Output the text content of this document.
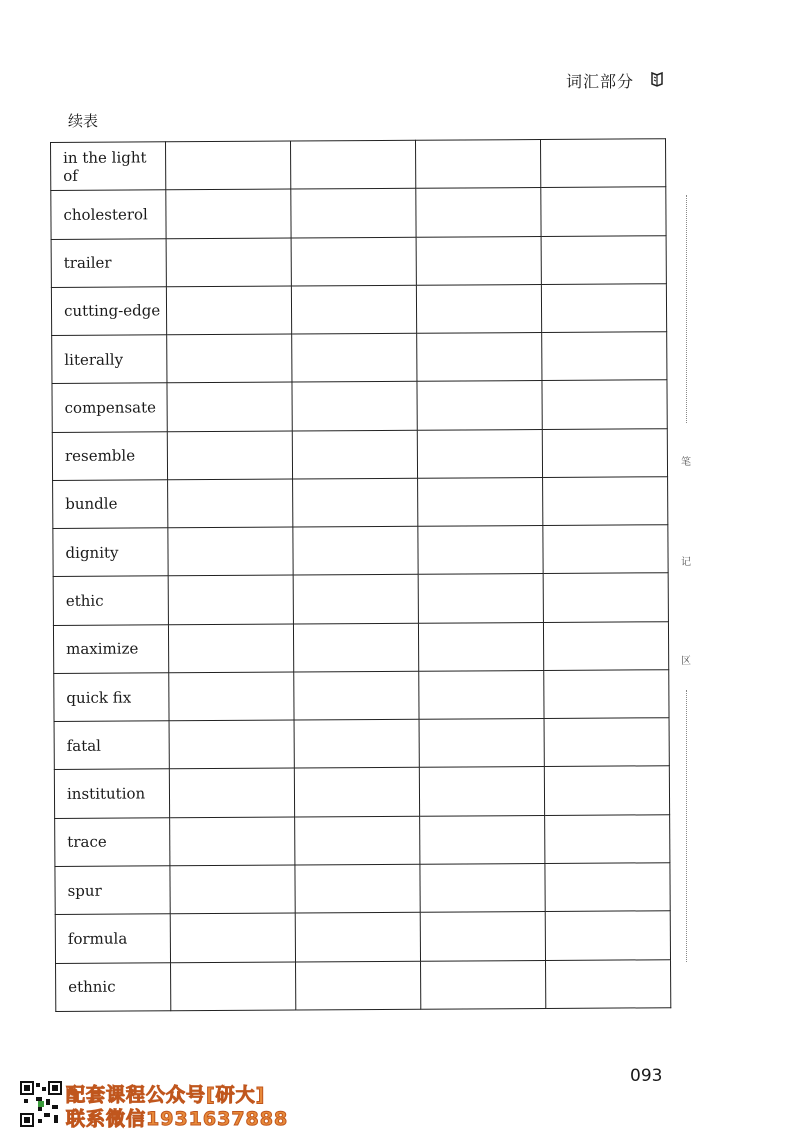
词汇部分
续表
in the light of				
cholesterol				
trailer				
cutting-edge				
literally				
compensate				
resemble				
bundle				
dignity				
ethic				
maximize				
quick fix				
fatal				
institution				
trace				
spur				
formula				
ethnic				
笔
记
区
093
配套课程公众号[研大]
联系微信1931637888
